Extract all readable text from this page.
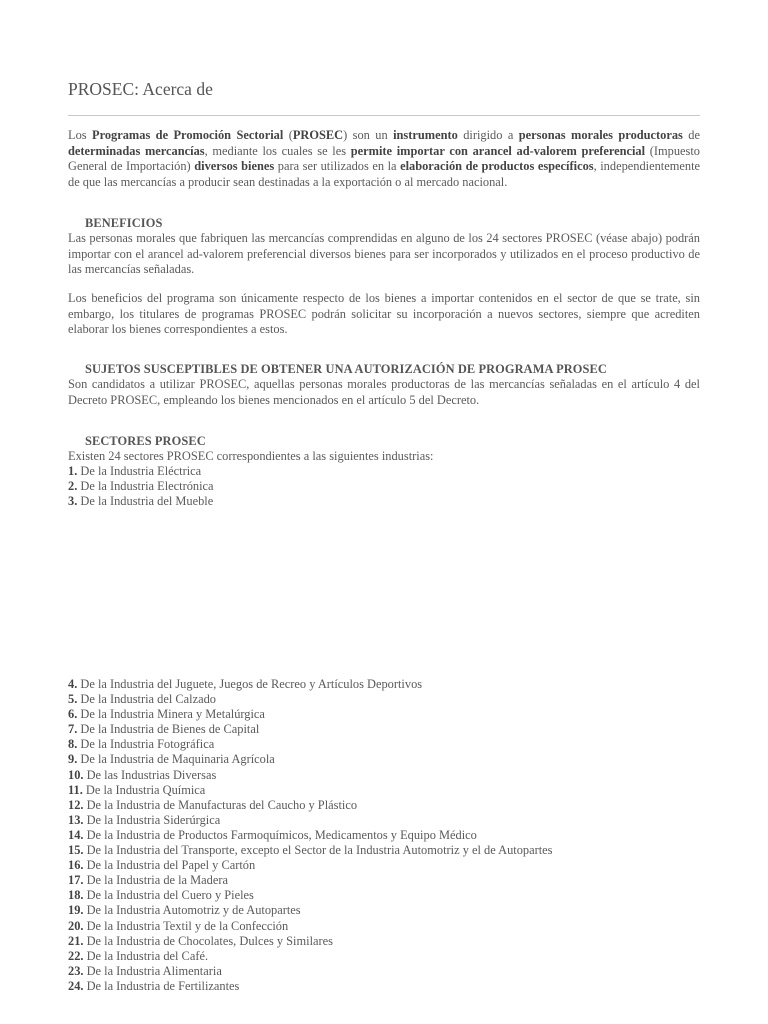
PROSEC: Acerca de

Los Programas de Promoción Sectorial (PROSEC) son un instrumento dirigido a personas morales productoras de determinadas mercancías, mediante los cuales se les permite importar con arancel ad-valorem preferencial (Impuesto General de Importación) diversos bienes para ser utilizados en la elaboración de productos específicos, independientemente de que las mercancías a producir sean destinadas a la exportación o al mercado nacional.

BENEFICIOS

Las personas morales que fabriquen las mercancías comprendidas en alguno de los 24 sectores PROSEC (véase abajo) podrán importar con el arancel ad-valorem preferencial diversos bienes para ser incorporados y utilizados en el proceso productivo de las mercancías señaladas.

Los beneficios del programa son únicamente respecto de los bienes a importar contenidos en el sector de que se trate, sin embargo, los titulares de programas PROSEC podrán solicitar su incorporación a nuevos sectores, siempre que acrediten elaborar los bienes correspondientes a estos.

SUJETOS SUSCEPTIBLES DE OBTENER UNA AUTORIZACIÓN DE PROGRAMA PROSEC

Son candidatos a utilizar PROSEC, aquellas personas morales productoras de las mercancías señaladas en el artículo 4 del Decreto PROSEC, empleando los bienes mencionados en el artículo 5 del Decreto.

SECTORES PROSEC
Existen 24 sectores PROSEC correspondientes a las siguientes industrias:
1. De la Industria Eléctrica
2. De la Industria Electrónica
3. De la Industria del Mueble
4. De la Industria del Juguete, Juegos de Recreo y Artículos Deportivos
5. De la Industria del Calzado
6. De la Industria Minera y Metalúrgica
7. De la Industria de Bienes de Capital
8. De la Industria Fotográfica
9. De la Industria de Maquinaria Agrícola
10. De las Industrias Diversas
11. De la Industria Química
12. De la Industria de Manufacturas del Caucho y Plástico
13. De la Industria Siderúrgica
14. De la Industria de Productos Farmoquímicos, Medicamentos y Equipo Médico
15. De la Industria del Transporte, excepto el Sector de la Industria Automotriz y el de Autopartes
16. De la Industria del Papel y Cartón
17. De la Industria de la Madera
18. De la Industria del Cuero y Pieles
19. De la Industria Automotriz y de Autopartes
20. De la Industria Textil y de la Confección
21. De la Industria de Chocolates, Dulces y Similares
22. De la Industria del Café.
23. De la Industria Alimentaria
24. De la Industria de Fertilizantes
